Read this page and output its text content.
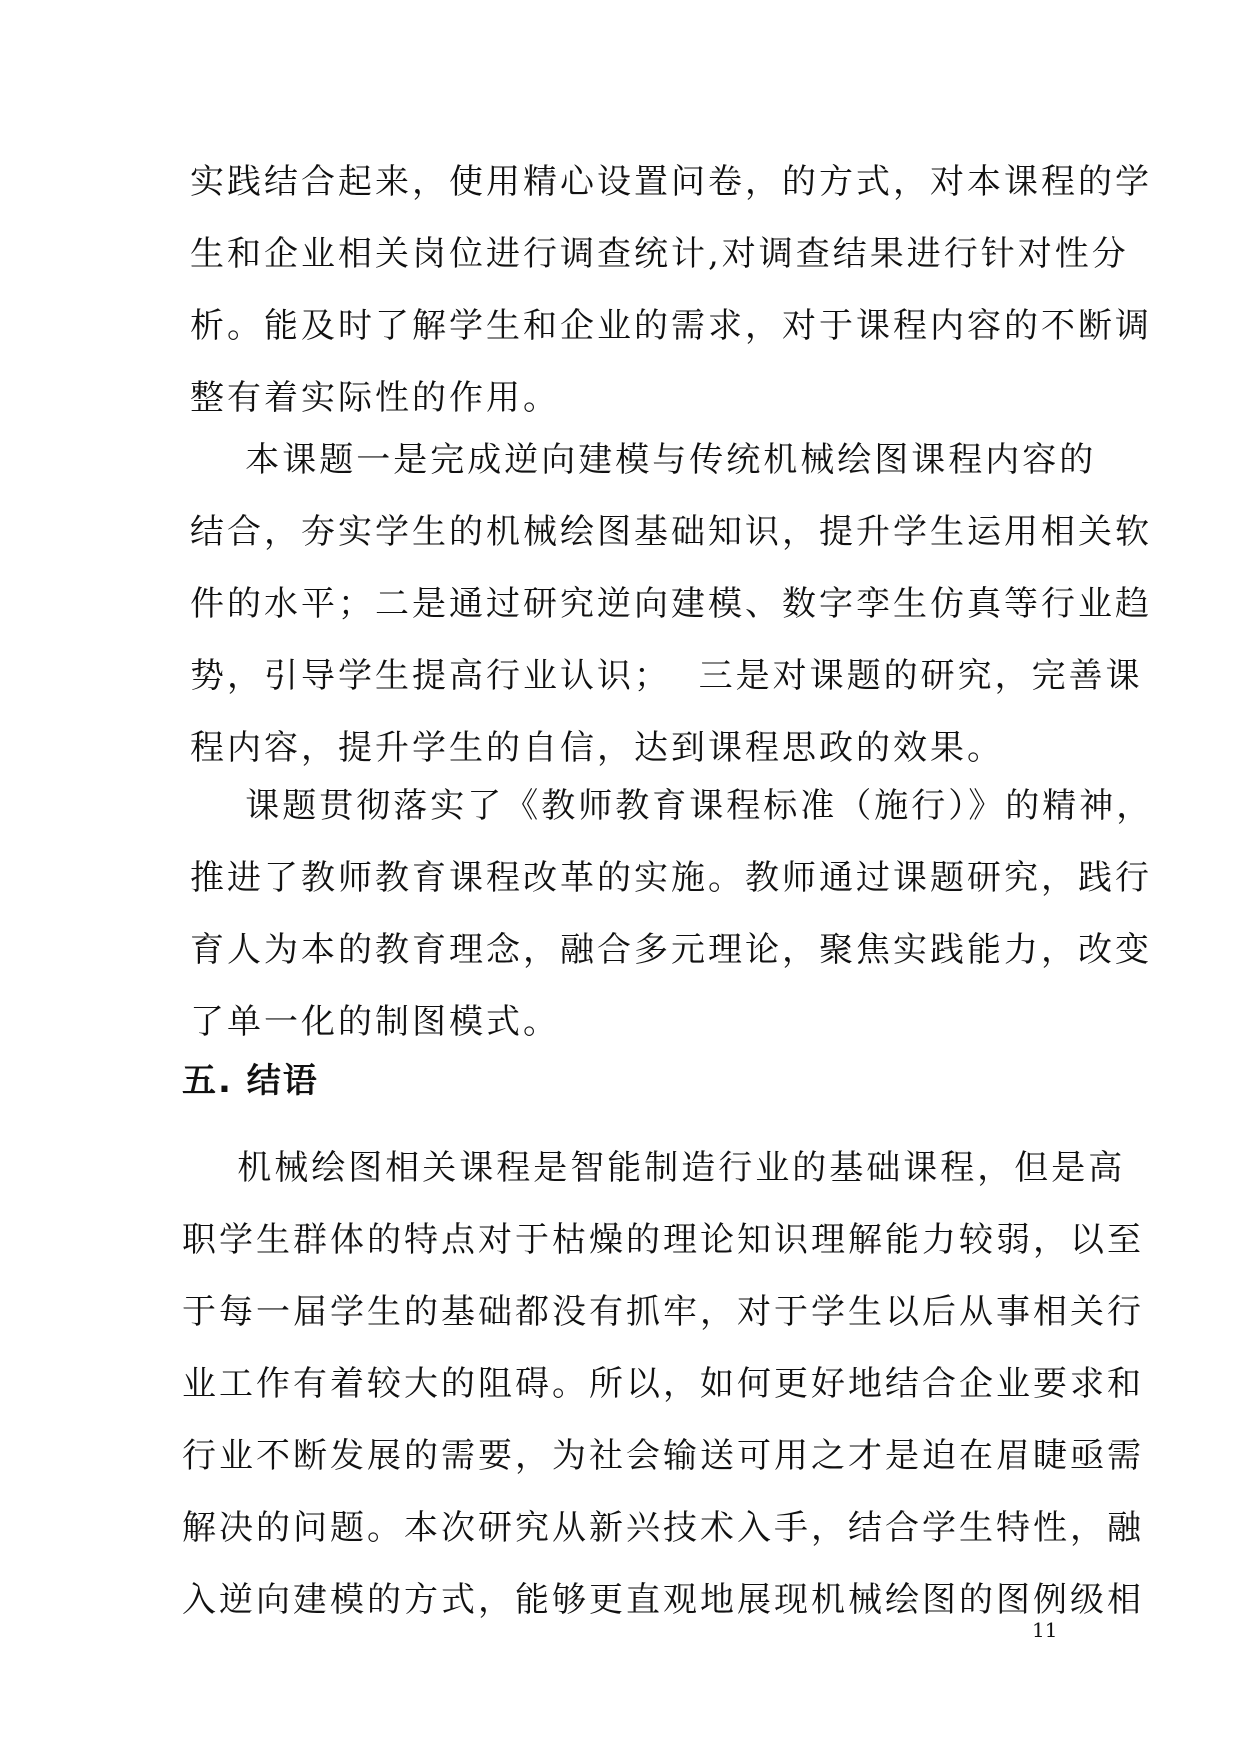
实践结合起来，使用精心设置问卷，的方式，对本课程的学
生和企业相关岗位进行调查统计,对调查结果进行针对性分
析。能及时了解学生和企业的需求，对于课程内容的不断调
整有着实际性的作用。
本课题一是完成逆向建模与传统机械绘图课程内容的
结合，夯实学生的机械绘图基础知识，提升学生运用相关软
件的水平；二是通过研究逆向建模、数字孪生仿真等行业趋
势，引导学生提高行业认识；  三是对课题的研究，完善课
程内容，提升学生的自信，达到课程思政的效果。
课题贯彻落实了《教师教育课程标准（施行）》的精神，
推进了教师教育课程改革的实施。教师通过课题研究，践行
育人为本的教育理念，融合多元理论，聚焦实践能力，改变
了单一化的制图模式。
五. 结语
机械绘图相关课程是智能制造行业的基础课程，但是高
职学生群体的特点对于枯燥的理论知识理解能力较弱，以至
于每一届学生的基础都没有抓牢，对于学生以后从事相关行
业工作有着较大的阻碍。所以，如何更好地结合企业要求和
行业不断发展的需要，为社会输送可用之才是迫在眉睫亟需
解决的问题。本次研究从新兴技术入手，结合学生特性，融
入逆向建模的方式，能够更直观地展现机械绘图的图例级相
11
